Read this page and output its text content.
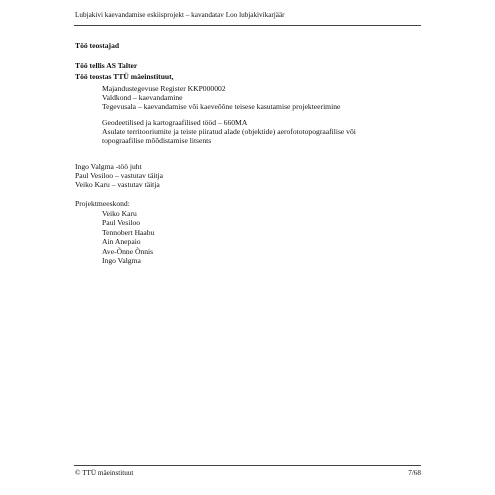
Lubjakivi kaevandamise eskiisprojekt – kavandatav Loo lubjakivikarjäär
Töö teostajad
Töö tellis AS Talter
Töö teostas TTÜ mäeinstituut,
Majandustegevuse Register KKP000002
Valdkond – kaevandamine
Tegevusala – kaevandamise või kaeveõõne teisese kasutamise projekteerimine
Geodeetilised ja kartograafilised tööd – 660MA
Asulate territooriumite ja teiste piiratud alade (objektide) aerofototopograafilise või
topograafilise mõõdistamise litsents
Ingo Valgma -töö juht
Paul Vesiloo – vastutav täitja
Veiko Karu – vastutav täitja
Projektmeeskond:
Veiko Karu
Paul Vesiloo
Tennobert Haabu
Ain Anepaio
Ave-Õnne Õnnis
Ingo Valgma
© TTÜ mäeinstituut	7/68
